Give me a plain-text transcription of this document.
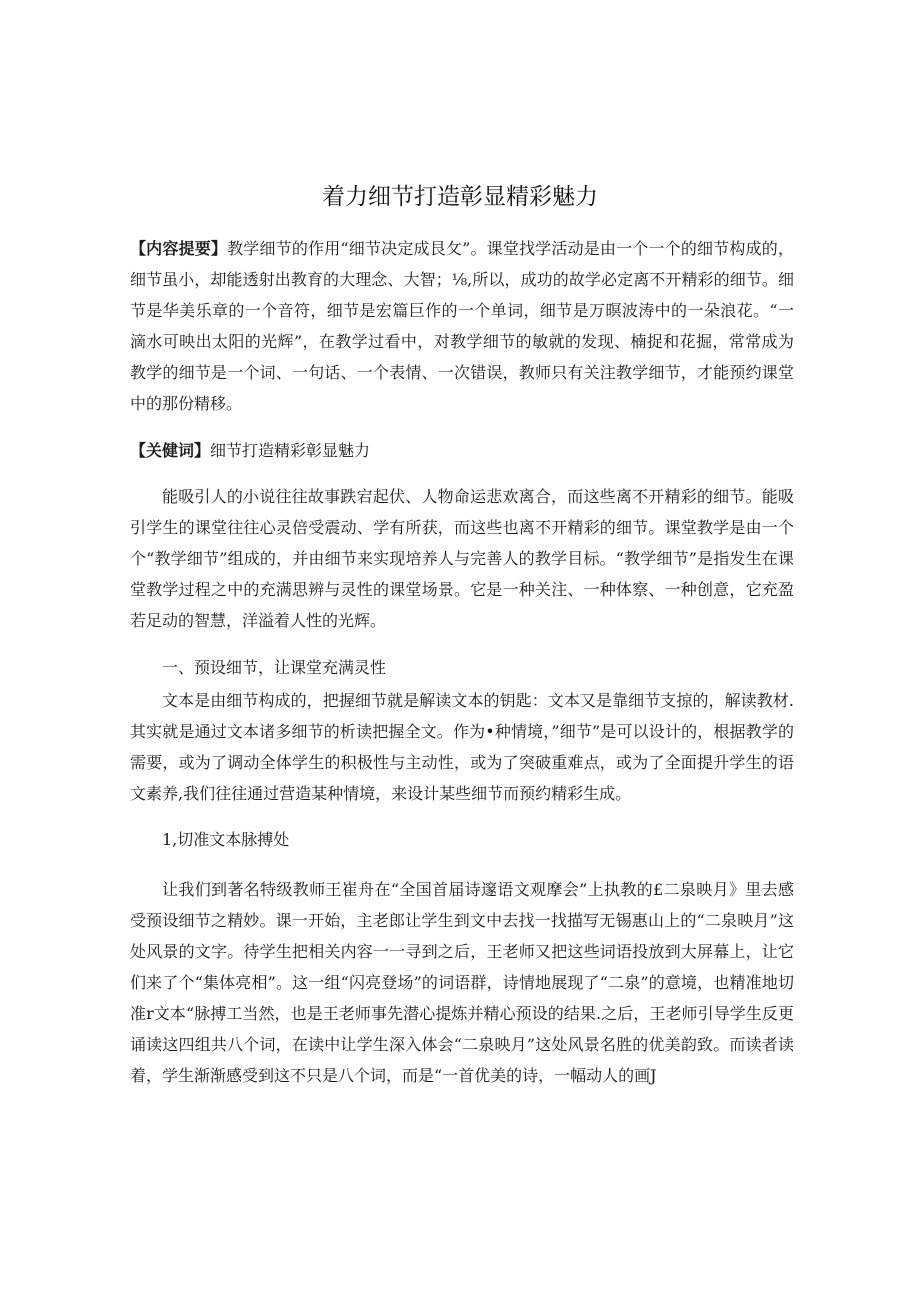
着力细节打造彰显精彩魅力
【内容提要】教学细节的作用“细节决定成艮攵”。课堂找学活动是由一个一个的细节构成的，细节虽小，却能透射出教育的大理念、大智；⅛,所以，成功的故学必定离不开精彩的细节。细节是华美乐章的一个音符，细节是宏篇巨作的一个单词，细节是万暝波涛中的一朵浪花。“一滴水可映出太阳的光辉”，在教学过看中，对教学细节的敏就的发现、楠捉和花掘，常常成为教学的细节是一个词、一句话、一个表情、一次错误，教师只有关注教学细节，才能预约课堂中的那份精移。
【关健词】细节打造精彩彰显魅力
能吸引人的小说往往故事跌宕起伏、人物命运悲欢离合，而这些离不开精彩的细节。能吸引学生的课堂往往心灵倍受震动、学有所获，而这些也离不开精彩的细节。课堂教学是由一个个“教学细节”组成的，并由细节来实现培养人与完善人的教学目标。“教学细节”是指发生在课堂教学过程之中的充满思辨与灵性的课堂场景。它是一种关注、一种体察、一种创意，它充盈若足动的智慧，洋溢着人性的光辉。
一、预设细节，让课堂充满灵性
文本是由细节构成的，把握细节就是解读文本的钥匙：文本又是靠细节支掠的，解读教材.其实就是通过文本诸多细节的析读把握全文。作为•种情境，”细节”是可以设计的，根据教学的需要，或为了调动全体学生的积极性与主动性，或为了突破重难点，或为了全面提升学生的语文素养,我们往往通过营造某种情境，来设计某些细节而预约精彩生成。
1,切准文本脉搏处
让我们到著名特级教师王崔舟在“全国首届诗邃语文观摩会”上执教的£二泉映月》里去感受预设细节之精妙。课一开始，主老郎让学生到文中去找一找描写无锡惠山上的“二泉映月”这处风景的文字。待学生把相关内容一一寻到之后，王老师又把这些词语投放到大屏幕上，让它们来了个“集体亮相”。这一组“闪亮登场”的词语群，诗情地展现了“二泉”的意境，也精准地切准r文本“脉搏工当然，也是王老师事先潜心提炼并精心预设的结果.之后，王老师引导学生反更诵读这四组共八个词，在读中让学生深入体会“二泉映月”这处风景名胜的优美韵致。而读者读着，学生渐渐感受到这不只是八个词，而是“一首优美的诗，一幅动人的画J
